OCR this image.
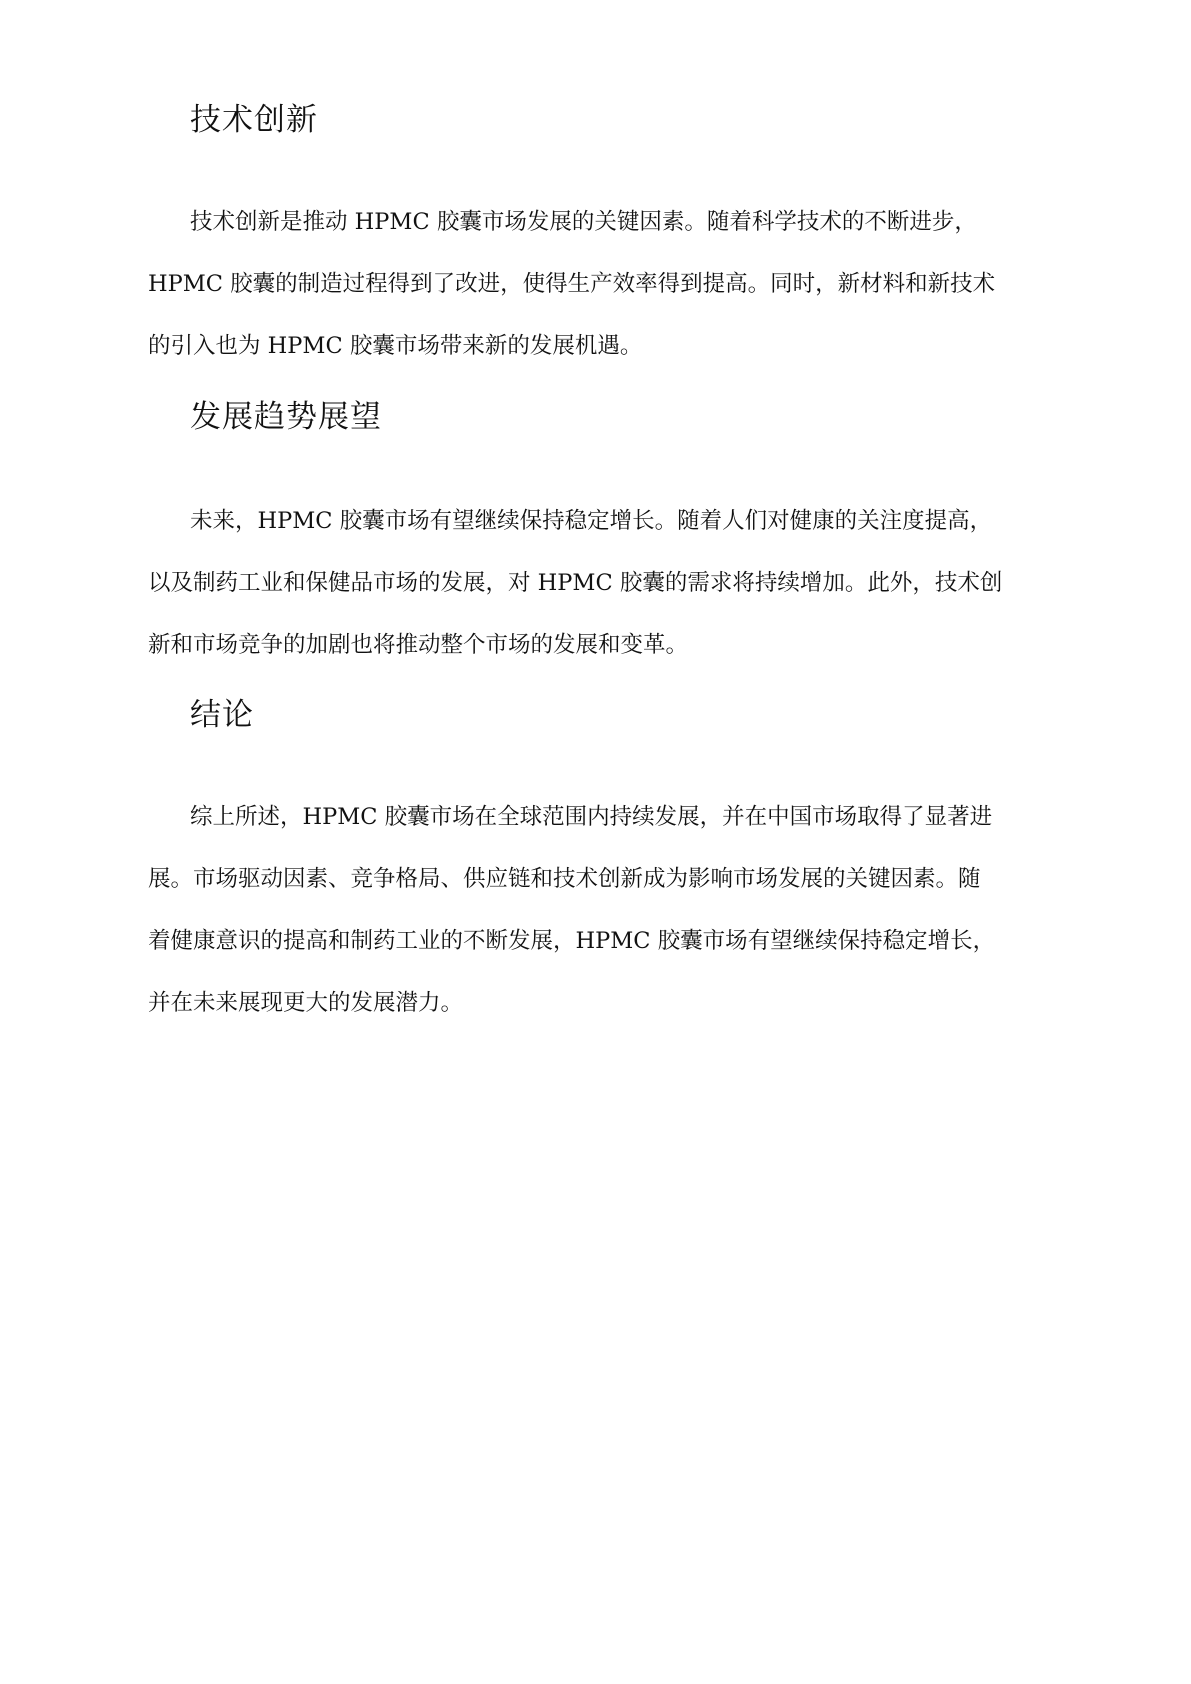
技术创新
技术创新是推动 HPMC 胶囊市场发展的关键因素。随着科学技术的不断进步，
HPMC 胶囊的制造过程得到了改进，使得生产效率得到提高。同时，新材料和新技术
的引入也为 HPMC 胶囊市场带来新的发展机遇。
发展趋势展望
未来，HPMC 胶囊市场有望继续保持稳定增长。随着人们对健康的关注度提高，
以及制药工业和保健品市场的发展，对 HPMC 胶囊的需求将持续增加。此外，技术创
新和市场竞争的加剧也将推动整个市场的发展和变革。
结论
综上所述，HPMC 胶囊市场在全球范围内持续发展，并在中国市场取得了显著进
展。市场驱动因素、竞争格局、供应链和技术创新成为影响市场发展的关键因素。随
着健康意识的提高和制药工业的不断发展，HPMC 胶囊市场有望继续保持稳定增长，
并在未来展现更大的发展潜力。
